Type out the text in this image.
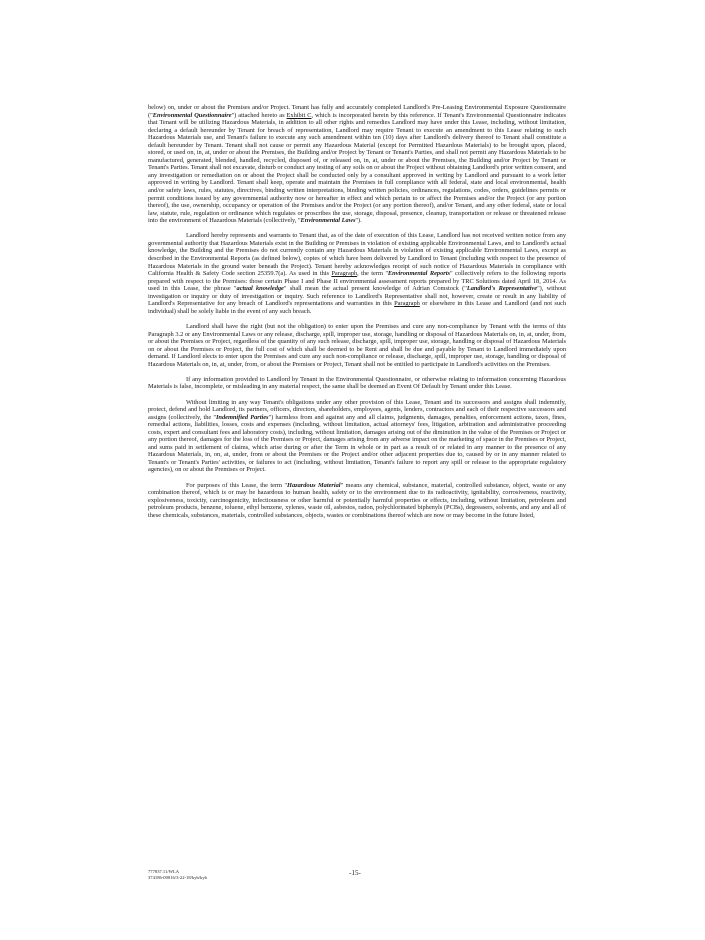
below) on, under or about the Premises and/or Project. Tenant has fully and accurately completed Landlord's Pre-Leasing Environmental Exposure Questionnaire ("Environmental Questionnaire") attached hereto as Exhibit C, which is incorporated herein by this reference. If Tenant's Environmental Questionnaire indicates that Tenant will be utilizing Hazardous Materials, in addition to all other rights and remedies Landlord may have under this Lease, including, without limitation, declaring a default hereunder by Tenant for breach of representation, Landlord may require Tenant to execute an amendment to this Lease relating to such Hazardous Materials use, and Tenant's failure to execute any such amendment within ten (10) days after Landlord's delivery thereof to Tenant shall constitute a default hereunder by Tenant. Tenant shall not cause or permit any Hazardous Material (except for Permitted Hazardous Materials) to be brought upon, placed, stored, or used on, in, at, under or about the Premises, the Building and/or Project by Tenant or Tenant's Parties, and shall not permit any Hazardous Materials to be manufactured, generated, blended, handled, recycled, disposed of, or released on, in, at, under or about the Premises, the Building and/or Project by Tenant or Tenant's Parties. Tenant shall not excavate, disturb or conduct any testing of any soils on or about the Project without obtaining Landlord's prior written consent, and any investigation or remediation on or about the Project shall be conducted only by a consultant approved in writing by Landlord and pursuant to a work letter approved in writing by Landlord. Tenant shall keep, operate and maintain the Premises in full compliance with all federal, state and local environmental, health and/or safety laws, rules, statutes, directives, binding written interpretations, binding written policies, ordinances, regulations, codes, orders, guidelines permits or permit conditions issued by any governmental authority now or hereafter in effect and which pertain to or affect the Premises and/or the Project (or any portion thereof), the use, ownership, occupancy or operation of the Premises and/or the Project (or any portion thereof), and/or Tenant, and any other federal, state or local law, statute, rule, regulation or ordinance which regulates or proscribes the use, storage, disposal, presence, cleanup, transportation or release or threatened release into the environment of Hazardous Materials (collectively, "Environmental Laws").

Landlord hereby represents and warrants to Tenant that, as of the date of execution of this Lease, Landlord has not received written notice from any governmental authority that Hazardous Materials exist in the Building or Premises in violation of existing applicable Environmental Laws, and to Landlord's actual knowledge, the Building and the Premises do not currently contain any Hazardous Materials in violation of existing applicable Environmental Laws, except as described in the Environmental Reports (as defined below), copies of which have been delivered by Landlord to Tenant (including with respect to the presence of Hazardous Materials in the ground water beneath the Project). Tenant hereby acknowledges receipt of such notice of Hazardous Materials in compliance with California Health & Safety Code section 25359.7(a). As used in this Paragraph, the term "Environmental Reports" collectively refers to the following reports prepared with respect to the Premises: those certain Phase I and Phase II environmental assessment reports prepared by TRC Solutions dated April 18, 2014. As used in this Lease, the phrase "actual knowledge" shall mean the actual present knowledge of Adrian Comstock ("Landlord's Representative"), without investigation or inquiry or duty of investigation or inquiry. Such reference to Landlord's Representative shall not, however, create or result in any liability of Landlord's Representative for any breach of Landlord's representations and warranties in this Paragraph or elsewhere in this Lease and Landlord (and not such individual) shall be solely liable in the event of any such breach.

Landlord shall have the right (but not the obligation) to enter upon the Premises and cure any non-compliance by Tenant with the terms of this Paragraph 3.2 or any Environmental Laws or any release, discharge, spill, improper use, storage, handling or disposal of Hazardous Materials on, in, at, under, from, or about the Premises or Project, regardless of the quantity of any such release, discharge, spill, improper use, storage, handling or disposal of Hazardous Materials on or about the Premises or Project, the full cost of which shall be deemed to be Rent and shall be due and payable by Tenant to Landlord immediately upon demand. If Landlord elects to enter upon the Premises and cure any such non-compliance or release, discharge, spill, improper use, storage, handling or disposal of Hazardous Materials on, in, at, under, from, or about the Premises or Project, Tenant shall not be entitled to participate in Landlord's activities on the Premises.

If any information provided to Landlord by Tenant in the Environmental Questionnaire, or otherwise relating to information concerning Hazardous Materials is false, incomplete, or misleading in any material respect, the same shall be deemed an Event Of Default by Tenant under this Lease.

Without limiting in any way Tenant's obligations under any other provision of this Lease, Tenant and its successors and assigns shall indemnify, protect, defend and hold Landlord, its partners, officers, directors, shareholders, employees, agents, lenders, contractors and each of their respective successors and assigns (collectively, the "Indemnified Parties") harmless from and against any and all claims, judgments, damages, penalties, enforcement actions, taxes, fines, remedial actions, liabilities, losses, costs and expenses (including, without limitation, actual attorneys' fees, litigation, arbitration and administrative proceeding costs, expert and consultant fees and laboratory costs), including, without limitation, damages arising out of the diminution in the value of the Premises or Project or any portion thereof, damages for the loss of the Premises or Project, damages arising from any adverse impact on the marketing of space in the Premises or Project, and sums paid in settlement of claims, which arise during or after the Term in whole or in part as a result of or related in any manner to the presence of any Hazardous Materials, in, on, at, under, from or about the Premises or the Project and/or other adjacent properties due to, caused by or in any manner related to Tenant's or Tenant's Parties' activities, or failures to act (including, without limitation, Tenant's failure to report any spill or release to the appropriate regulatory agencies), on or about the Premises or Project.

For purposes of this Lease, the term "Hazardous Material" means any chemical, substance, material, controlled substance, object, waste or any combination thereof, which is or may be hazardous to human health, safety or to the environment due to its radioactivity, ignitability, corrosiveness, reactivity, explosiveness, toxicity, carcinogenicity, infectiousness or other harmful or potentially harmful properties or effects, including, without limitation, petroleum and petroleum products, benzene, toluene, ethyl benzene, xylenes, waste oil, asbestos, radon, polychlorinated biphenyls (PCBs), degreasers, solvents, and any and all of these chemicals, substances, materials, controlled substances, objects, wastes or combinations thereof which are now or may become in the future listed,

777837.11/WLA
374186-00016/3-22-18/kyb/kyb
-15-
